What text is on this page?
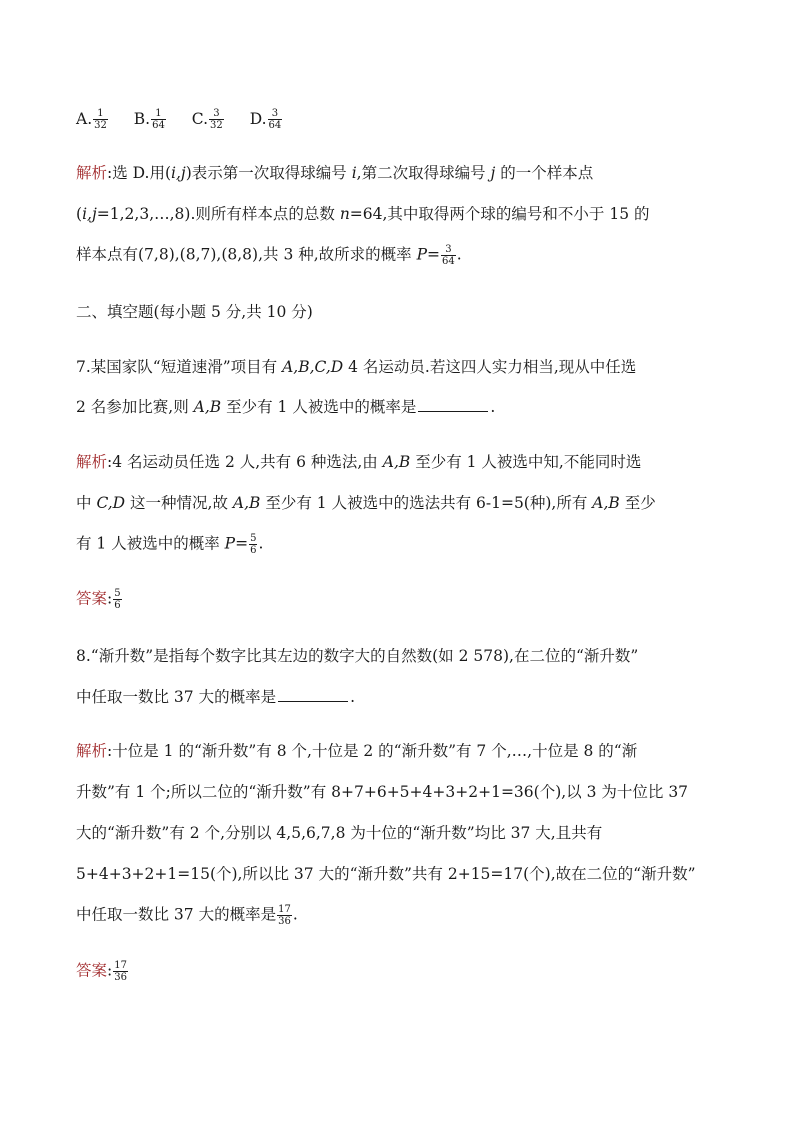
A. $\frac{1}{32} B$. $\frac{1}{64} C$. $\frac{3}{32} D$. $\frac{3}{64}$
解析:选 D.用(i,j)表示第一次取得球编号 i,第二次取得球编号 j 的一个样本点
(i,j=1,2,3,…,8).则所有样本点的总数 n=64,其中取得两个球的编号和不小于 15 的
样本点有(7,8),(8,7),(8,8),共 3 种,故所求的概率 $P= \frac{3}{64}$ .
二、填空题(每小题 5 分,共 10 分)
7.某国家队“短道速滑”项目有 A,B,C,D 4 名运动员.若这四人实力相当,现从中任选
2 名参加比赛,则 A,B 至少有 1 人被选中的概率是	.
解析:4 名运动员任选 2 人,共有 6 种选法,由 A,B 至少有 1 人被选中知,不能同时选
中 C,D 这一种情况,故 A,B 至少有 1 人被选中的选法共有 6-1=5(种),所有 A,B 至少
有 1 人被选中的概率 $P= \frac{5}{6}$ .
答案: $\frac{5}{6}$
8.“渐升数”是指每个数字比其左边的数字大的自然数(如 2 578),在二位的“渐升数”
中任取一数比 37 大的概率是	.
解析:十位是 1 的“渐升数”有 8 个,十位是 2 的“渐升数”有 7 个,…,十位是 8 的“渐
升数”有 1 个;所以二位的“渐升数”有 8+7+6+5+4+3+2+1=36(个),以 3 为十位比 37
大的“渐升数”有 2 个,分别以 4,5,6,7,8 为十位的“渐升数”均比 37 大,且共有
5+4+3+2+1=15(个),所以比 37 大的“渐升数”共有 2+15=17(个),故在二位的“渐升数”
中任取一数比 37 大的概率是 $\frac{17}{36}$ .
答案: $\frac{17}{36}$
